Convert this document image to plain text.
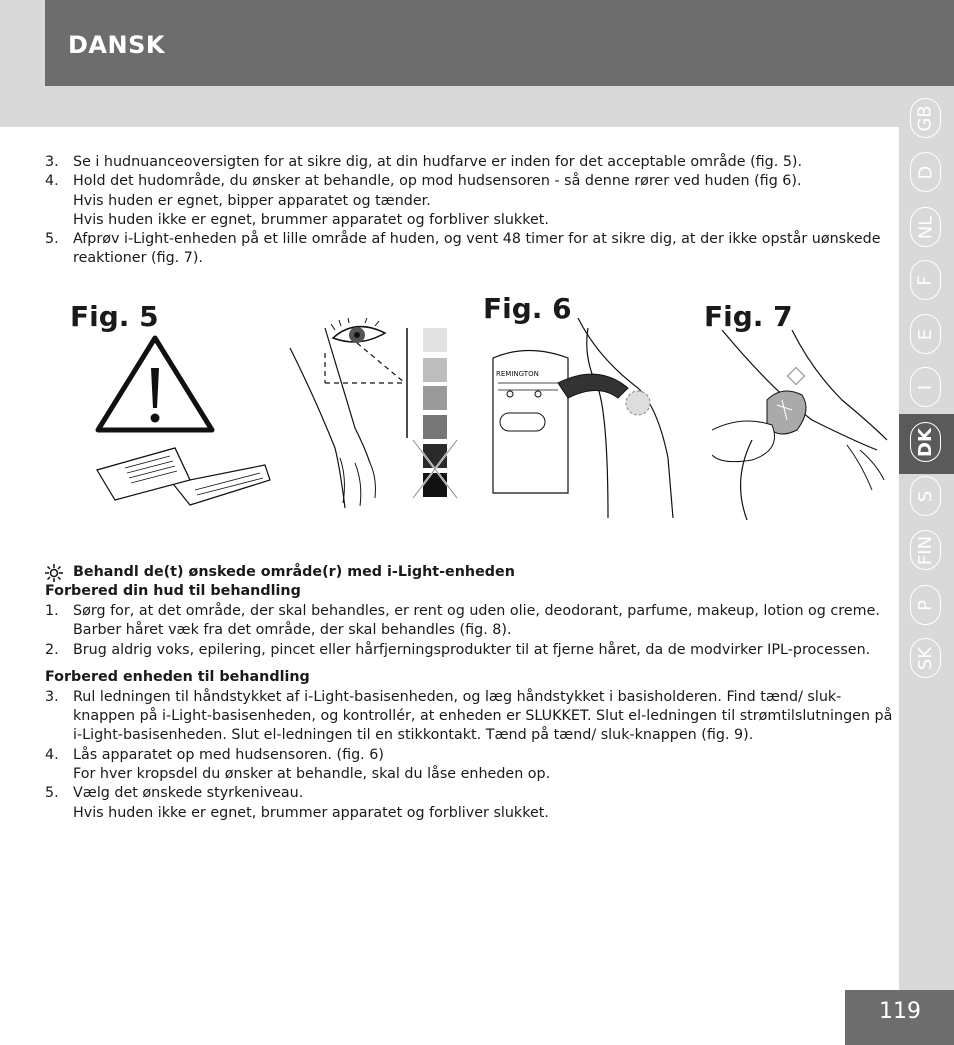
DANSK
GB
D
NL
F
E
I
DK
S
FIN
P
SK
119
3. Se i hudnuanceoversigten for at sikre dig, at din hudfarve er inden for det acceptable område (fig. 5).
4. Hold det hudområde, du ønsker at behandle, op mod hudsensoren - så denne rører ved huden (fig 6).
Hvis huden er egnet, bipper apparatet og tænder.
Hvis huden ikke er egnet, brummer apparatet og forbliver slukket.
5. Afprøv i-Light-enheden på et lille område af huden, og vent 48 timer for at sikre dig, at der ikke opstår uønskede reaktioner (fig. 7).
Fig. 5	Fig. 6	Fig. 7
REMINGTON
Behandl de(t) ønskede område(r) med i-Light-enheden
Forbered din hud til behandling
1. Sørg for, at det område, der skal behandles, er rent og uden olie, deodorant, parfume, makeup, lotion og creme. Barber håret væk fra det område, der skal behandles (fig. 8).
2. Brug aldrig voks, epilering, pincet eller hårfjerningsprodukter til at fjerne håret, da de modvirker IPL-processen.
Forbered enheden til behandling
3. Rul ledningen til håndstykket af i-Light-basisenheden, og læg håndstykket i basisholderen. Find tænd/ sluk-knappen på i-Light-basisenheden, og kontrollér, at enheden er SLUKKET. Slut el-ledningen til strømtilslutningen på i-Light-basisenheden. Slut el-ledningen til en stikkontakt. Tænd på tænd/ sluk-knappen (fig. 9).
4. Lås apparatet op med hudsensoren. (fig. 6)
For hver kropsdel du ønsker at behandle, skal du låse enheden op.
5. Vælg det ønskede styrkeniveau.
Hvis huden ikke er egnet, brummer apparatet og forbliver slukket.
